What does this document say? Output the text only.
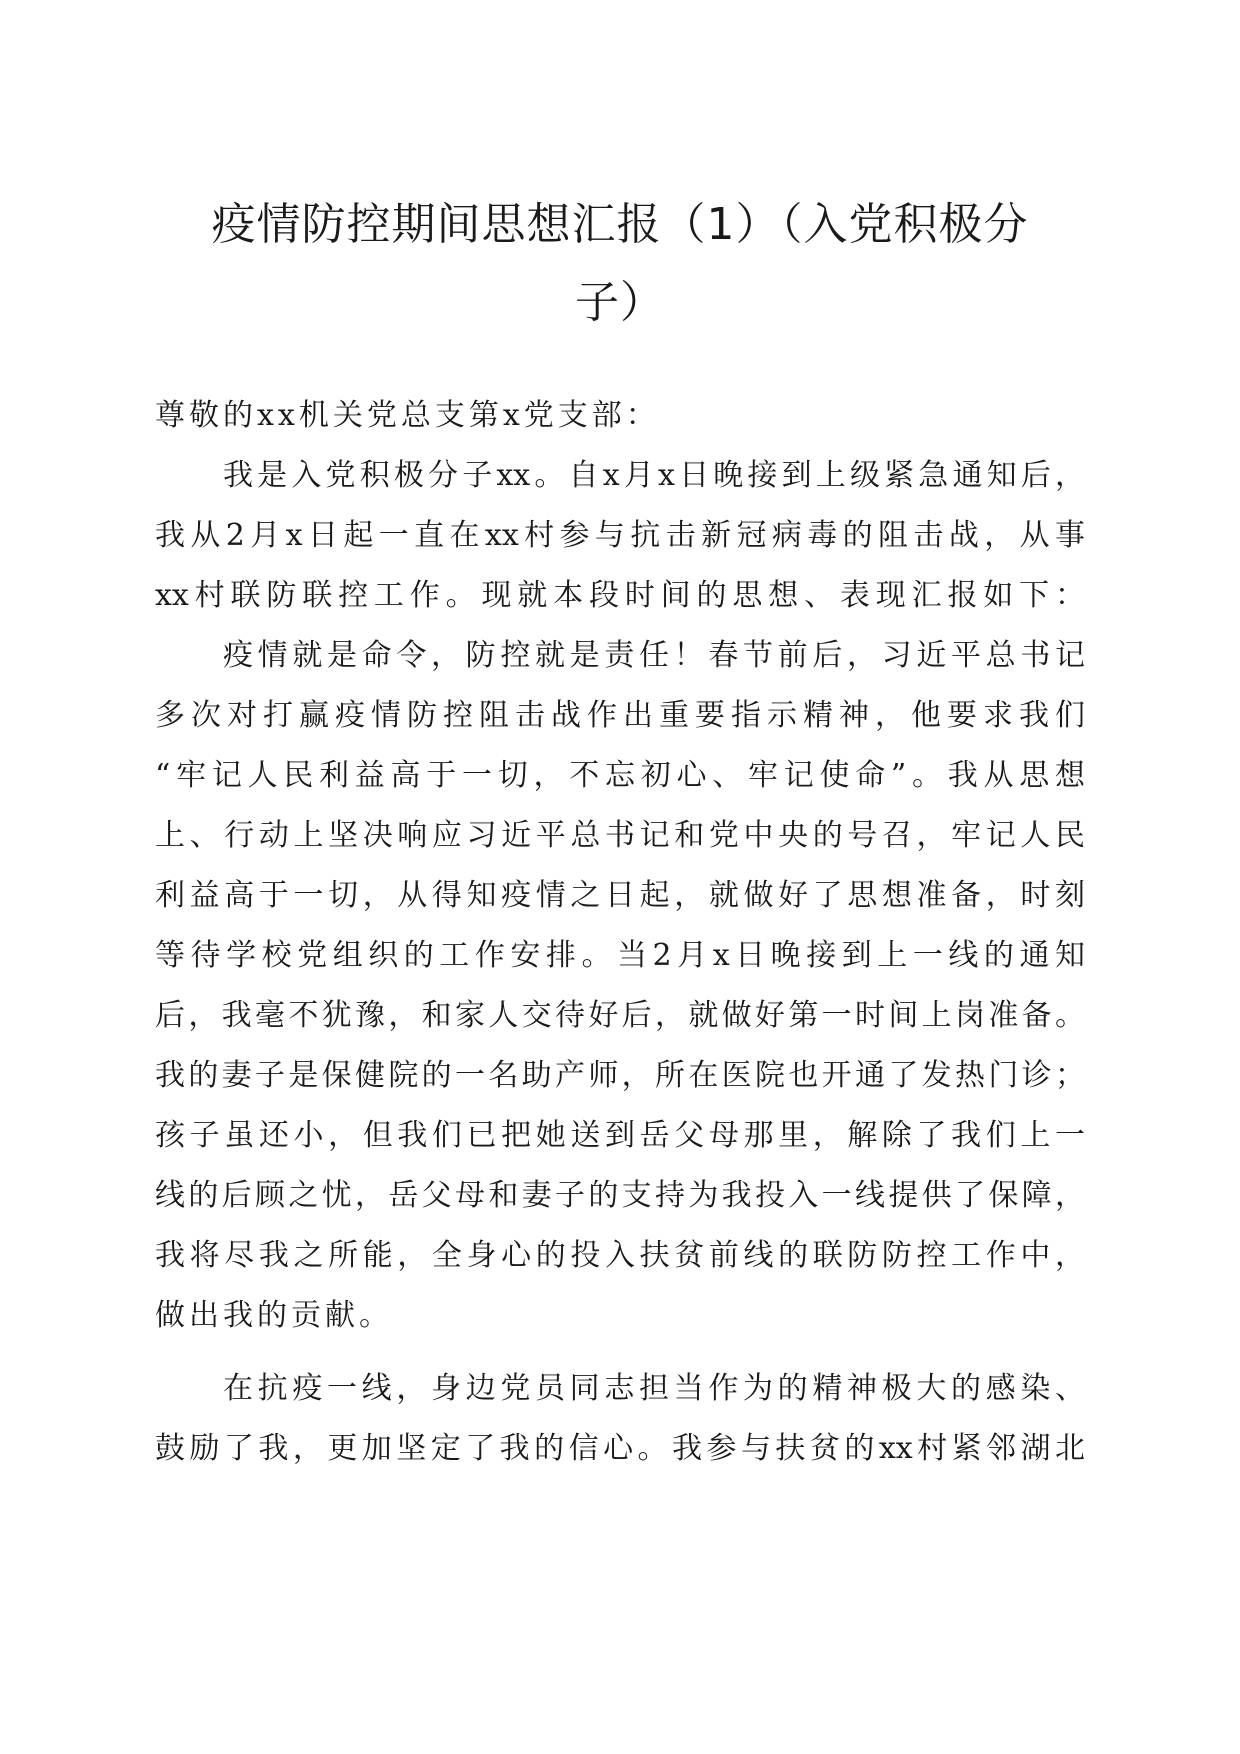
疫情防控期间思想汇报（1）（入党积极分
子）
尊敬的xx机关党总支第x党支部：
我是入党积极分子xx。自x月x日晚接到上级紧急通知后，
我从2月x日起一直在xx村参与抗击新冠病毒的阻击战，从事
xx村联防联控工作。现就本段时间的思想、表现汇报如下：
疫情就是命令，防控就是责任！春节前后，习近平总书记
多次对打赢疫情防控阻击战作出重要指示精神，他要求我们
“牢记人民利益高于一切，不忘初心、牢记使命”。我从思想
上、行动上坚决响应习近平总书记和党中央的号召，牢记人民
利益高于一切，从得知疫情之日起，就做好了思想准备，时刻
等待学校党组织的工作安排。当2月x日晚接到上一线的通知
后，我毫不犹豫，和家人交待好后，就做好第一时间上岗准备。
我的妻子是保健院的一名助产师，所在医院也开通了发热门诊；
孩子虽还小，但我们已把她送到岳父母那里，解除了我们上一
线的后顾之忧，岳父母和妻子的支持为我投入一线提供了保障，
我将尽我之所能，全身心的投入扶贫前线的联防防控工作中，
做出我的贡献。
在抗疫一线，身边党员同志担当作为的精神极大的感染、
鼓励了我，更加坚定了我的信心。我参与扶贫的xx村紧邻湖北
